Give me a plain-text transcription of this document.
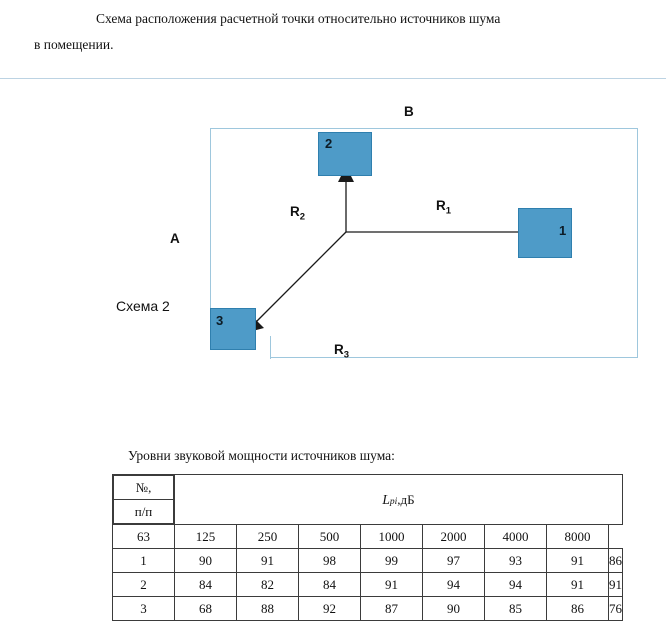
Схема расположения расчетной точки относительно источников шума
в помещении.
B
A
2
1
3
$R_1$
$R_2$
$R_3$
Схема 2
Уровни звуковой мощности источников шума:
№,
п/п
	Lpi,дБ
63	125	250	500	1000	2000	4000	8000
1	90	91	98	99	97	93	91	86
2	84	82	84	91	94	94	91	91
3	68	88	92	87	90	85	86	76
